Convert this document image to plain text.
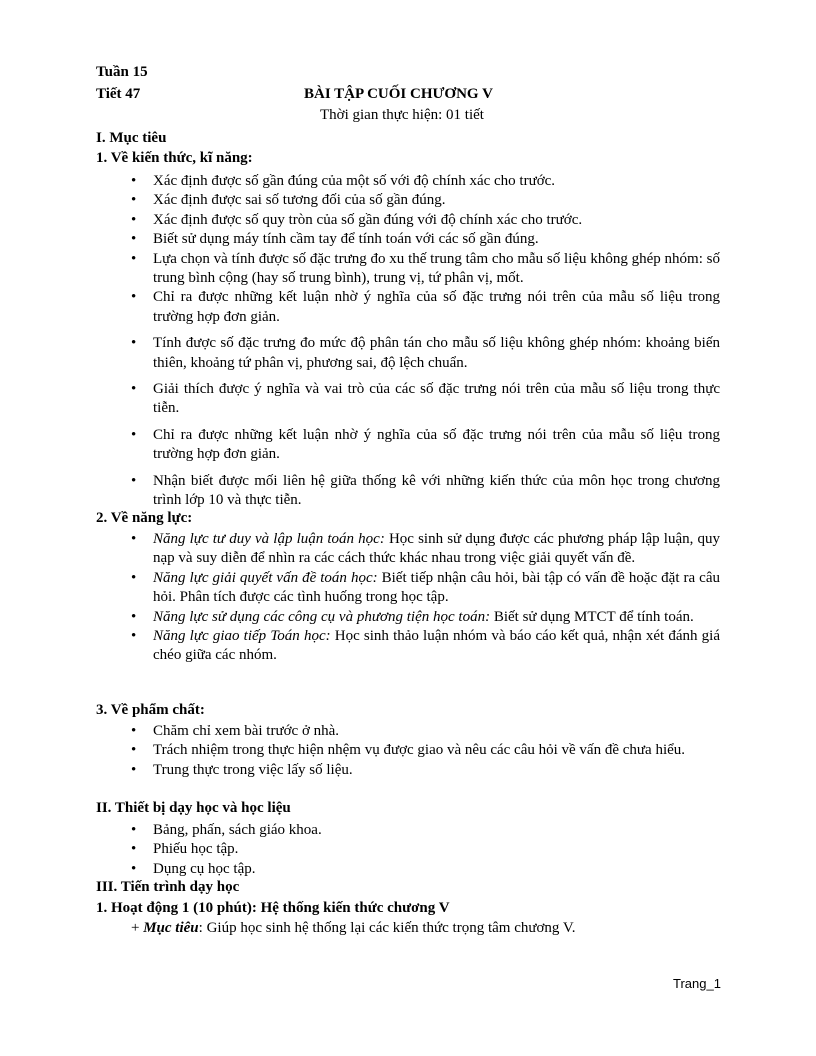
Tuần 15
Tiết 47	BÀI TẬP CUỐI CHƯƠNG V
Thời gian thực hiện: 01 tiết
I. Mục tiêu
1. Về kiến thức, kĩ năng:
• Xác định được số gần đúng của một số với độ chính xác cho trước.
• Xác định được sai số tương đối của số gần đúng.
• Xác định được số quy tròn của số gần đúng với độ chính xác cho trước.
• Biết sử dụng máy tính cầm tay để tính toán với các số gần đúng.
• Lựa chọn và tính được số đặc trưng đo xu thế trung tâm cho mẫu số liệu không ghép nhóm: số trung bình cộng (hay số trung bình), trung vị, tứ phân vị, mốt.
• Chỉ ra được những kết luận nhờ ý nghĩa của số đặc trưng nói trên của mẫu số liệu trong trường hợp đơn giản.
• Tính được số đặc trưng đo mức độ phân tán cho mẫu số liệu không ghép nhóm: khoảng biến thiên, khoảng tứ phân vị, phương sai, độ lệch chuẩn.
• Giải thích được ý nghĩa và vai trò của các số đặc trưng nói trên của mẫu số liệu trong thực tiễn.
• Chỉ ra được những kết luận nhờ ý nghĩa của số đặc trưng nói trên của mẫu số liệu trong trường hợp đơn giản.
• Nhận biết được mối liên hệ giữa thống kê với những kiến thức của môn học trong chương trình lớp 10 và thực tiễn.
2. Về năng lực:
• Năng lực tư duy và lập luận toán học: Học sinh sử dụng được các phương pháp lập luận, quy nạp và suy diễn để nhìn ra các cách thức khác nhau trong việc giải quyết vấn đề.
• Năng lực giải quyết vấn đề toán học: Biết tiếp nhận câu hỏi, bài tập có vấn đề hoặc đặt ra câu hỏi. Phân tích được các tình huống trong học tập.
• Năng lực sử dụng các công cụ và phương tiện học toán: Biết sử dụng MTCT để tính toán.
• Năng lực giao tiếp Toán học: Học sinh thảo luận nhóm và báo cáo kết quả, nhận xét đánh giá chéo giữa các nhóm.
3. Về phẩm chất:
• Chăm chỉ xem bài trước ở nhà.
• Trách nhiệm trong thực hiện nhệm vụ được giao và nêu các câu hỏi về vấn đề chưa hiểu.
• Trung thực trong việc lấy số liệu.
II. Thiết bị dạy học và học liệu
• Bảng, phấn, sách giáo khoa.
• Phiếu học tập.
• Dụng cụ học tập.
III. Tiến trình dạy học
1. Hoạt động 1 (10 phút): Hệ thống kiến thức chương V
+ Mục tiêu: Giúp học sinh hệ thống lại các kiến thức trọng tâm chương V.
Trang_1
